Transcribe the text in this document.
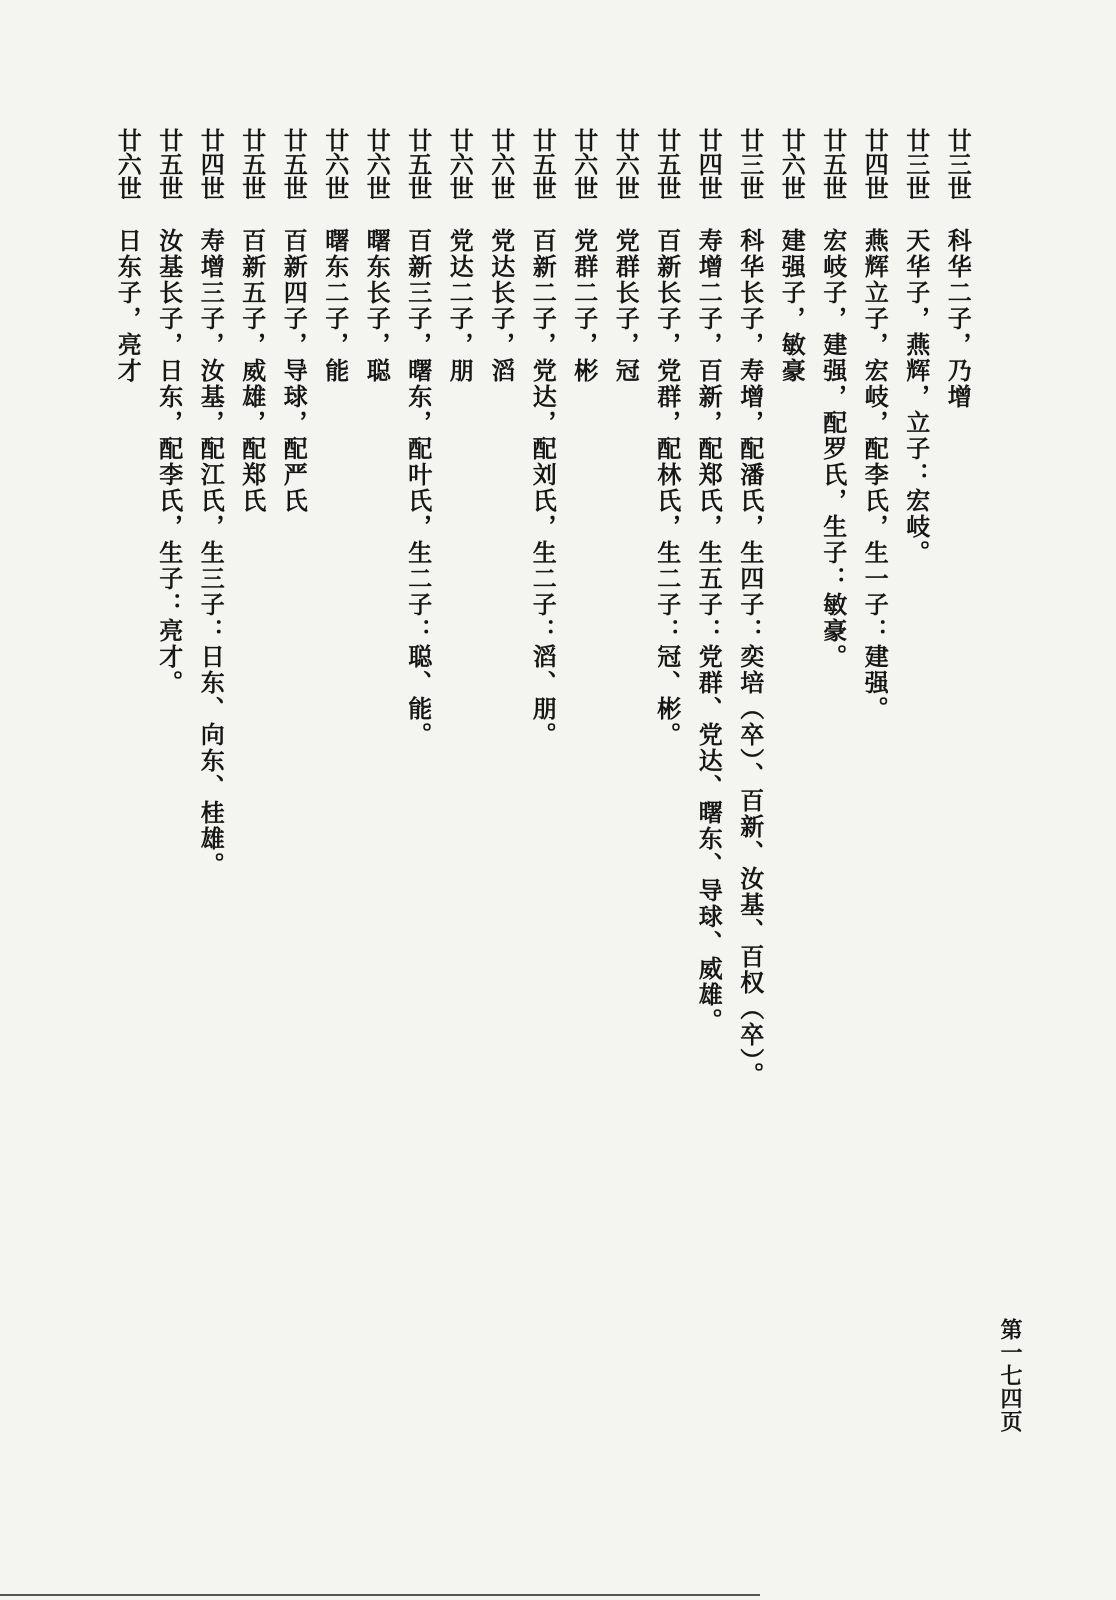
廿三世
科华二子，乃增
廿三世
天华子，燕辉，立子：宏岐。
廿四世
燕辉立子，宏岐，配李氏，生一子：建强。
廿五世
宏岐子，建强，配罗氏，生子：敏豪。
廿六世
建强子，敏豪
廿三世
科华长子，寿增，配潘氏，生四子：奕培（卒）、百新、汝基、百权（卒）。
廿四世
寿增二子，百新，配郑氏，生五子：党群、党达、曙东、导球、威雄。
廿五世
百新长子，党群，配林氏，生二子：冠、彬。
廿六世
党群长子，冠
廿六世
党群二子，彬
廿五世
百新二子，党达，配刘氏，生二子：滔、朋。
廿六世
党达长子，滔
廿六世
党达二子，朋
廿五世
百新三子，曙东，配叶氏，生二子：聪、能。
廿六世
曙东长子，聪
廿六世
曙东二子，能
廿五世
百新四子，导球，配严氏
廿五世
百新五子，威雄，配郑氏
廿四世
寿增三子，汝基，配江氏，生三子：日东、向东、桂雄。
廿五世
汝基长子，日东，配李氏，生子：亮才。
廿六世
日东子，亮才
第一七四页
